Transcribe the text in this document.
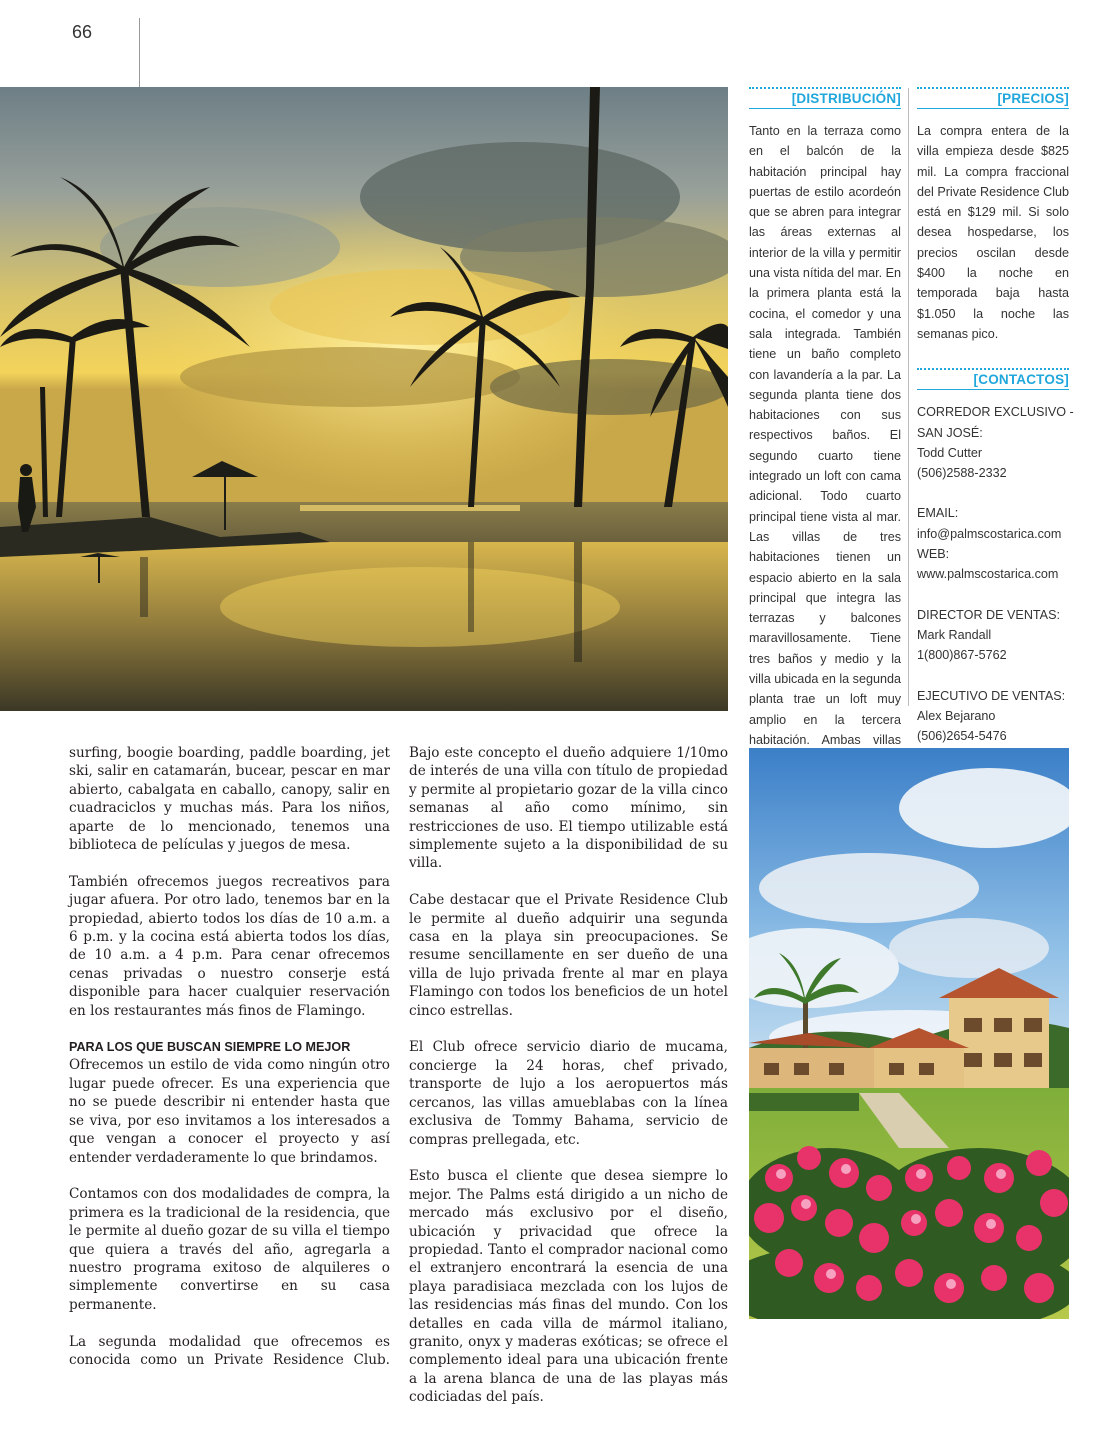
66
[DISTRIBUCIÓN]
Tanto en la terraza como en el balcón de la habitación principal hay puertas de estilo acordeón que se abren para integrar las áreas externas al interior de la villa y permitir una vista nítida del mar. En la primera planta está la cocina, el comedor y una sala integrada. También tiene un baño completo con lavandería a la par. La segunda planta tiene dos habitaciones con sus respectivos baños. El segundo cuarto tiene integrado un loft con cama adicional. Todo cuarto principal tiene vista al mar. Las villas de tres habitaciones tienen un espacio abierto en la sala principal que integra las terrazas y balcones maravillosamente. Tiene tres baños y medio y la villa ubicada en la segunda planta trae un loft muy amplio en la tercera habitación. Ambas villas
[PRECIOS]
La compra entera de la villa empieza desde $825 mil. La compra fraccional del Private Residence Club está en $129 mil. Si solo desea hospedarse, los precios oscilan desde $400 la noche en temporada baja hasta $1.050 la noche las semanas pico.
[CONTACTOS]
CORREDOR EXCLUSIVO -
SAN JOSÉ:
Todd Cutter
(506)2588-2332
EMAIL:
info@palmscostarica.com
WEB:
www.palmscostarica.com
DIRECTOR DE VENTAS:
Mark Randall
1(800)867-5762
EJECUTIVO DE VENTAS:
Alex Bejarano
(506)2654-5476

surfing, boogie boarding, paddle boarding, jet ski, salir en catamarán, bucear, pescar en mar abierto, cabalgata en caballo, canopy, salir en cuadraciclos y muchas más. Para los niños, aparte de lo mencionado, tenemos una biblioteca de películas y juegos de mesa.

También ofrecemos juegos recreativos para jugar afuera. Por otro lado, tenemos bar en la propiedad, abierto todos los días de 10 a.m. a 6 p.m. y la cocina está abierta todos los días, de 10 a.m. a 4 p.m. Para cenar ofrecemos cenas privadas o nuestro conserje está disponible para hacer cualquier reservación en los restaurantes más finos de Flamingo.

PARA LOS QUE BUSCAN SIEMPRE LO MEJOR

Ofrecemos un estilo de vida como ningún otro lugar puede ofrecer. Es una experiencia que no se puede describir ni entender hasta que se viva, por eso invitamos a los interesados a que vengan a conocer el proyecto y así entender verdaderamente lo que brindamos.

Contamos con dos modalidades de compra, la primera es la tradicional de la residencia, que le permite al dueño gozar de su villa el tiempo que quiera a través del año, agregarla a nuestro programa exitoso de alquileres o simplemente convertirse en su casa permanente.

La segunda modalidad que ofrecemos es conocida como un Private Residence Club.

Bajo este concepto el dueño adquiere 1/10mo de interés de una villa con título de propiedad y permite al propietario gozar de la villa cinco semanas al año como mínimo, sin restricciones de uso. El tiempo utilizable está simplemente sujeto a la disponibilidad de su villa.

Cabe destacar que el Private Residence Club le permite al dueño adquirir una segunda casa en la playa sin preocupaciones. Se resume sencillamente en ser dueño de una villa de lujo privada frente al mar en playa Flamingo con todos los beneficios de un hotel cinco estrellas.

El Club ofrece servicio diario de mucama, concierge la 24 horas, chef privado, transporte de lujo a los aeropuertos más cercanos, las villas amueblabas con la línea exclusiva de Tommy Bahama, servicio de compras prellegada, etc.

Esto busca el cliente que desea siempre lo mejor. The Palms está dirigido a un nicho de mercado más exclusivo por el diseño, ubicación y privacidad que ofrece la propiedad. Tanto el comprador nacional como el extranjero encontrará la esencia de una playa paradisiaca mezclada con los lujos de las residencias más finas del mundo. Con los detalles en cada villa de mármol italiano, granito, onyx y maderas exóticas; se ofrece el complemento ideal para una ubicación frente a la arena blanca de una de las playas más codiciadas del país.
